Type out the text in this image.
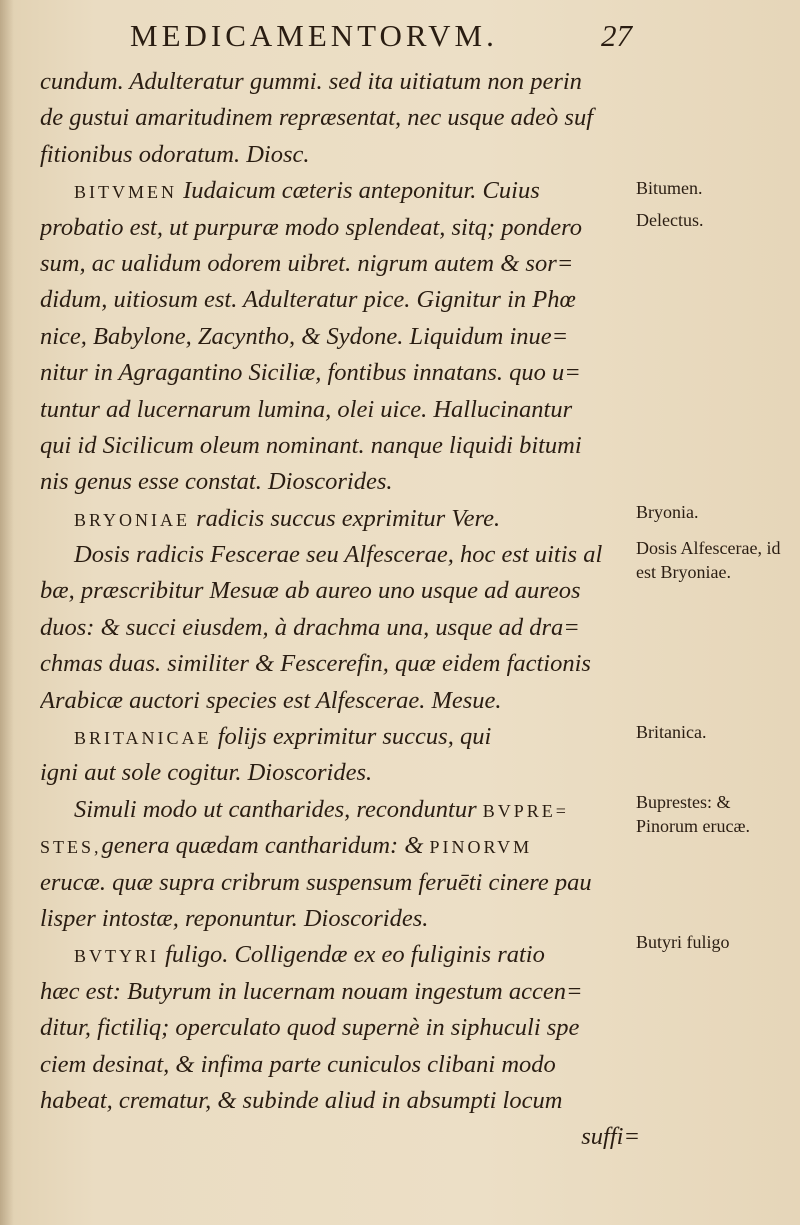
MEDICAMENTORVM.	27
cundum. Adulteratur gummi. sed ita uitiatum non perin
de gustui amaritudinem repræsentat, nec usque adeò suf
fitionibus odoratum. Diosc.
BITVMEN Iudaicum cæteris anteponitur. Cuius
probatio est, ut purpuræ modo splendeat, sitq; pondero
sum, ac ualidum odorem uibret. nigrum autem & sor=
didum, uitiosum est. Adulteratur pice. Gignitur in Phœ
nice, Babylone, Zacyntho, & Sydone. Liquidum inue=
nitur in Agragantino Siciliæ, fontibus innatans. quo u=
tuntur ad lucernarum lumina, olei uice. Hallucinantur
qui id Sicilicum oleum nominant. nanque liquidi bitumi
nis genus esse constat. Dioscorides.
BRYONIAE radicis succus exprimitur Vere.
Dosis radicis Fescerae seu Alfescerae, hoc est uitis al
bæ, præscribitur Mesuæ ab aureo uno usque ad aureos
duos: & succi eiusdem, à drachma una, usque ad dra=
chmas duas. similiter & Fescerefin, quæ eidem factionis
Arabicæ auctori species est Alfescerae. Mesue.
BRITANICAE folijs exprimitur succus, qui
igni aut sole cogitur. Dioscorides.
Simuli modo ut cantharides, reconduntur BVPRE=
STES,genera quædam cantharidum: & PINORVM
erucæ. quæ supra cribrum suspensum feruēti cinere pau
lisper intostæ, reponuntur. Dioscorides.
BVTYRI fuligo. Colligendæ ex eo fuliginis ratio
hæc est: Butyrum in lucernam nouam ingestum accen=
ditur, fictiliq; operculato quod supernè in siphuculi spe
ciem desinat, & infima parte cuniculos clibani modo
habeat, crematur, & subinde aliud in absumpti locum
suffi=
Bitumen.
Delectus.
Bryonia.
Dosis Alfescerae, id est Bryoniae.
Britanica.
Buprestes: & Pinorum erucæ.
Butyri fuligo
